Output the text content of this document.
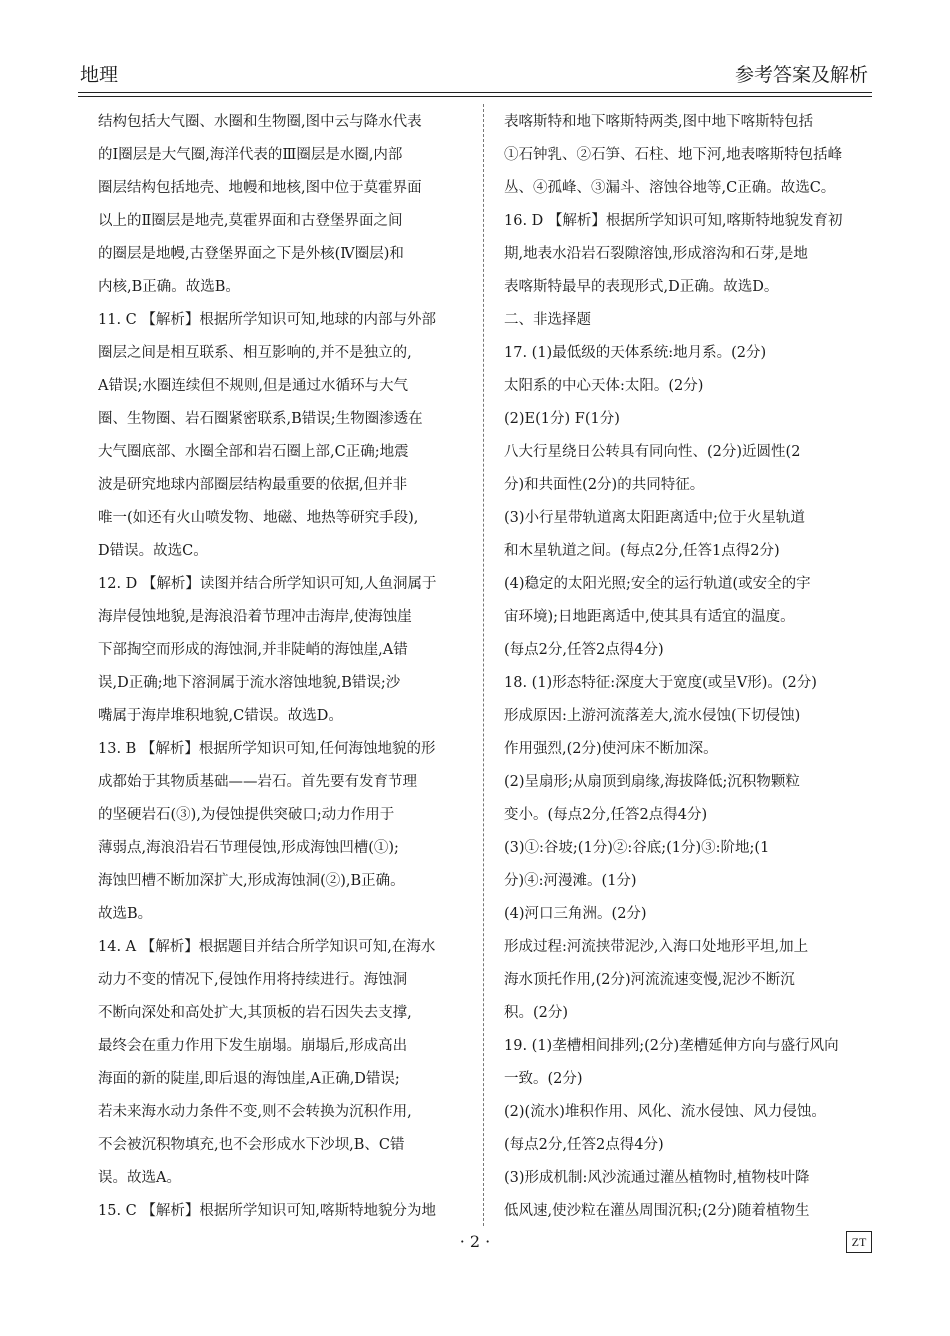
地理	参考答案及解析
结构包括大气圈、水圈和生物圈,图中云与降水代表
的Ⅰ圈层是大气圈,海洋代表的Ⅲ圈层是水圈,内部
圈层结构包括地壳、地幔和地核,图中位于莫霍界面
以上的Ⅱ圈层是地壳,莫霍界面和古登堡界面之间
的圈层是地幔,古登堡界面之下是外核(Ⅳ圈层)和
内核,B正确。故选B。
11. C 【解析】根据所学知识可知,地球的内部与外部
圈层之间是相互联系、相互影响的,并不是独立的,
A错误;水圈连续但不规则,但是通过水循环与大气
圈、生物圈、岩石圈紧密联系,B错误;生物圈渗透在
大气圈底部、水圈全部和岩石圈上部,C正确;地震
波是研究地球内部圈层结构最重要的依据,但并非
唯一(如还有火山喷发物、地磁、地热等研究手段),
D错误。故选C。
12. D 【解析】读图并结合所学知识可知,人鱼洞属于
海岸侵蚀地貌,是海浪沿着节理冲击海岸,使海蚀崖
下部掏空而形成的海蚀洞,并非陡峭的海蚀崖,A错
误,D正确;地下溶洞属于流水溶蚀地貌,B错误;沙
嘴属于海岸堆积地貌,C错误。故选D。
13. B 【解析】根据所学知识可知,任何海蚀地貌的形
成都始于其物质基础——岩石。首先要有发育节理
的坚硬岩石(③),为侵蚀提供突破口;动力作用于
薄弱点,海浪沿岩石节理侵蚀,形成海蚀凹槽(①);
海蚀凹槽不断加深扩大,形成海蚀洞(②),B正确。
故选B。
14. A 【解析】根据题目并结合所学知识可知,在海水
动力不变的情况下,侵蚀作用将持续进行。海蚀洞
不断向深处和高处扩大,其顶板的岩石因失去支撑,
最终会在重力作用下发生崩塌。崩塌后,形成高出
海面的新的陡崖,即后退的海蚀崖,A正确,D错误;
若未来海水动力条件不变,则不会转换为沉积作用,
不会被沉积物填充,也不会形成水下沙坝,B、C错
误。故选A。
15. C 【解析】根据所学知识可知,喀斯特地貌分为地
表喀斯特和地下喀斯特两类,图中地下喀斯特包括
①石钟乳、②石笋、石柱、地下河,地表喀斯特包括峰
丛、④孤峰、③漏斗、溶蚀谷地等,C正确。故选C。
16. D 【解析】根据所学知识可知,喀斯特地貌发育初
期,地表水沿岩石裂隙溶蚀,形成溶沟和石芽,是地
表喀斯特最早的表现形式,D正确。故选D。
二、非选择题
17. (1)最低级的天体系统:地月系。(2分)
太阳系的中心天体:太阳。(2分)
(2)E(1分) F(1分)
八大行星绕日公转具有同向性、(2分)近圆性(2
分)和共面性(2分)的共同特征。
(3)小行星带轨道离太阳距离适中;位于火星轨道
和木星轨道之间。(每点2分,任答1点得2分)
(4)稳定的太阳光照;安全的运行轨道(或安全的宇
宙环境);日地距离适中,使其具有适宜的温度。
(每点2分,任答2点得4分)
18. (1)形态特征:深度大于宽度(或呈V形)。(2分)
形成原因:上游河流落差大,流水侵蚀(下切侵蚀)
作用强烈,(2分)使河床不断加深。
(2)呈扇形;从扇顶到扇缘,海拔降低;沉积物颗粒
变小。(每点2分,任答2点得4分)
(3)①:谷坡;(1分)②:谷底;(1分)③:阶地;(1
分)④:河漫滩。(1分)
(4)河口三角洲。(2分)
形成过程:河流挟带泥沙,入海口处地形平坦,加上
海水顶托作用,(2分)河流流速变慢,泥沙不断沉
积。(2分)
19. (1)垄槽相间排列;(2分)垄槽延伸方向与盛行风向
一致。(2分)
(2)(流水)堆积作用、风化、流水侵蚀、风力侵蚀。
(每点2分,任答2点得4分)
(3)形成机制:风沙流通过灌丛植物时,植物枝叶降
低风速,使沙粒在灌丛周围沉积;(2分)随着植物生
· 2 ·	ZT
